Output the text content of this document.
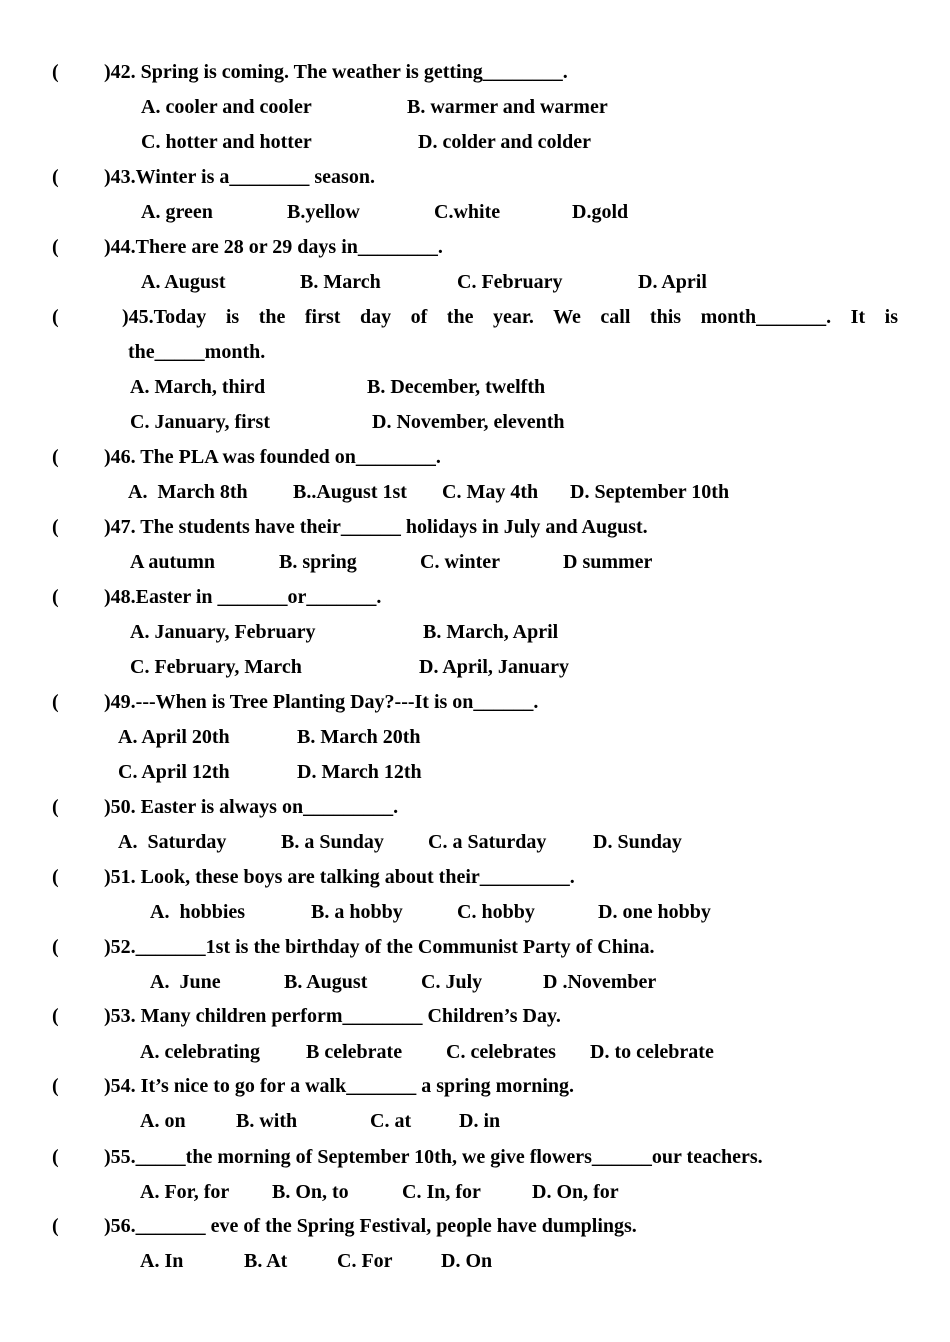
( )42. Spring is coming. The weather is getting________.
A. cooler and cooler	B. warmer and warmer
C. hotter and hotter	D. colder and colder
( )43.Winter is a________ season.
A. green	B.yellow	C.white	D.gold
( )44.There are 28 or 29 days in________.
A. August	B. March	C. February	D. April
(	)45.Today is the first day of the year. We call this month_______. It is
the_____month.
A. March, third	B. December, twelfth
C. January, first	D. November, eleventh
( )46. The PLA was founded on________.
A.  March 8th B..August 1st C. May 4th D. September 10th
( )47. The students have their______ holidays in July and August.
A autumn	B. spring	C. winter	D summer
( )48.Easter in _______or_______.
A. January, February	B. March, April
C. February, March	D. April, January
( )49.---When is Tree Planting Day?---It is on______.
A. April 20th	B. March 20th
C. April 12th	D. March 12th
( )50. Easter is always on_________.
A.  Saturday	B. a Sunday C. a Saturday D. Sunday
( )51. Look, these boys are talking about their_________.
A.  hobbies	B. a hobby	C. hobby	D. one hobby
( )52._______1st is the birthday of the Communist Party of China.
A.  June	B. August	C. July	D .November
( )53. Many children perform________ Children’s Day.
A. celebrating B celebrate C. celebrates D. to celebrate
( )54. It’s nice to go for a walk_______ a spring morning.
A. on	B. with	C. at D. in
( )55._____the morning of September 10th, we give flowers______our teachers.
A. For, for B. On, to	C. In, for	D. On, for
( )56._______ eve of the Spring Festival, people have dumplings.
A. In	B. At C. For D. On
